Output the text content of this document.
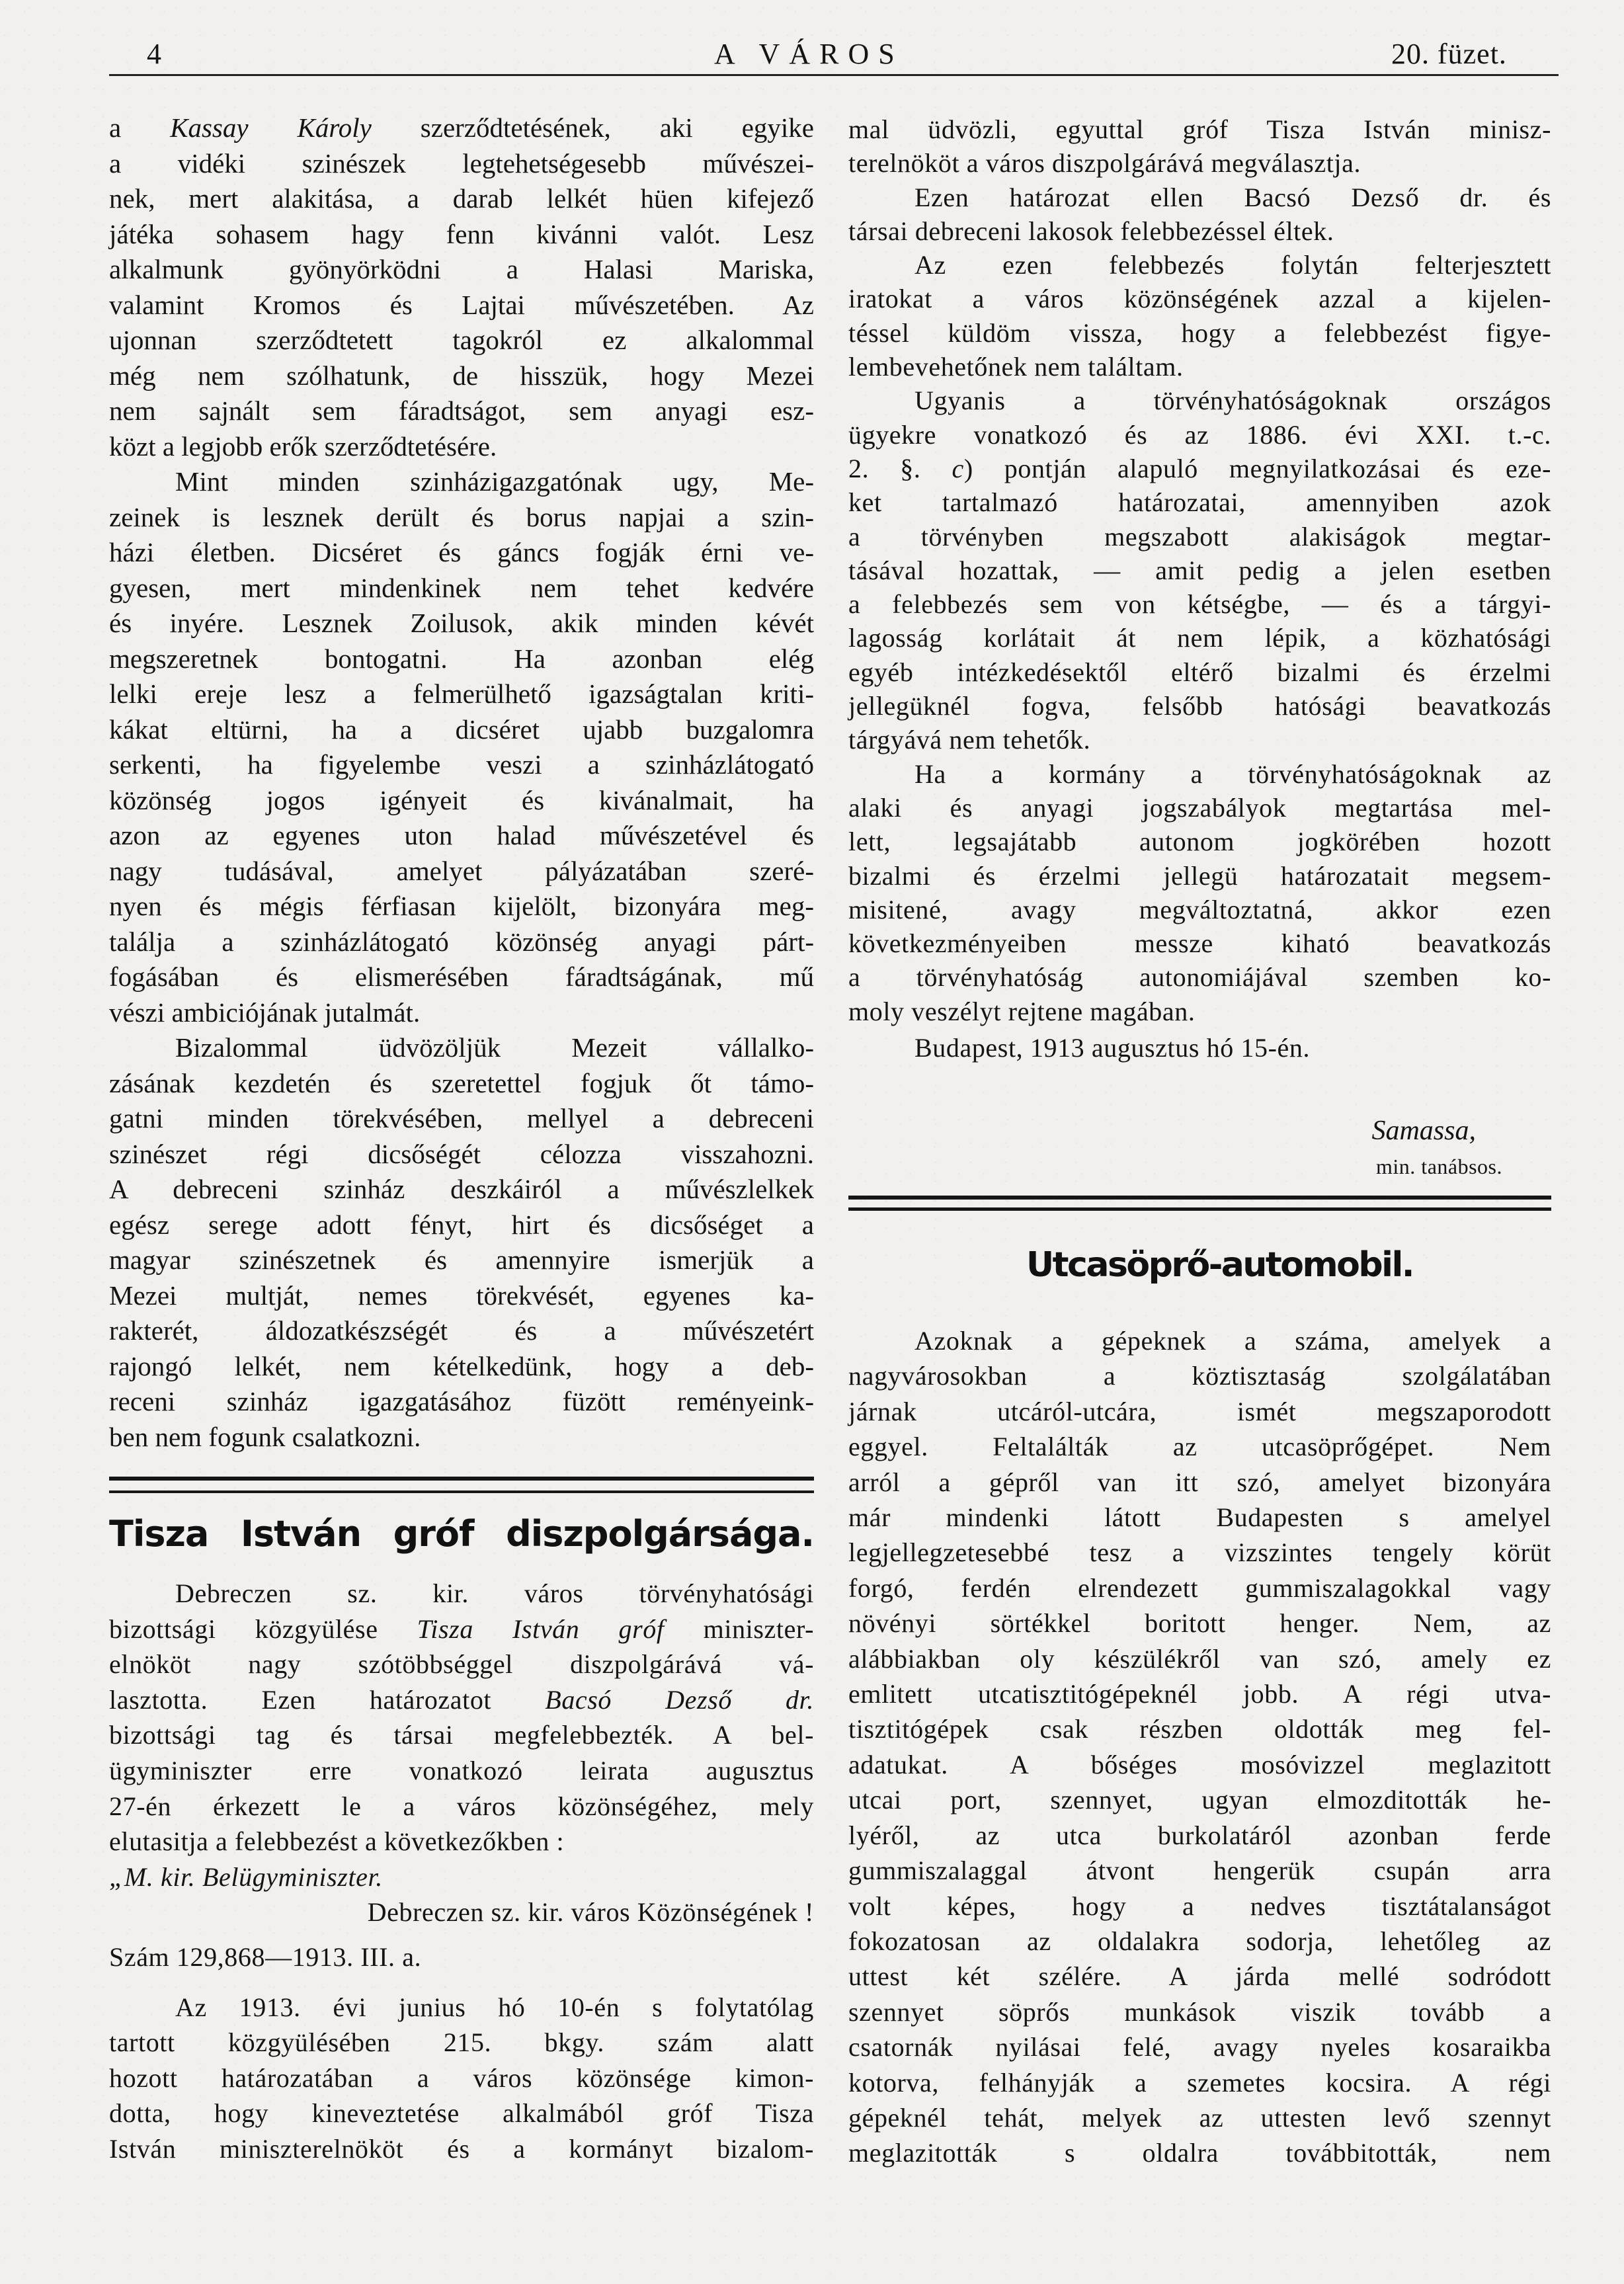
4	A VÁROS	20. füzet.
a Kassay Károly szerződtetésének, aki egyike
a vidéki szinészek legtehetségesebb művészei-
nek, mert alakitása, a darab lelkét hüen kifejező
játéka sohasem hagy fenn kivánni valót. Lesz
alkalmunk gyönyörködni a Halasi Mariska,
valamint Kromos és Lajtai művészetében. Az
ujonnan szerződtetett tagokról ez alkalommal
még nem szólhatunk, de hisszük, hogy Mezei
nem sajnált sem fáradtságot, sem anyagi esz-
közt a legjobb erők szerződtetésére.
Mint minden szinházigazgatónak ugy, Me-
zeinek is lesznek derült és borus napjai a szin-
házi életben. Dicséret és gáncs fogják érni ve-
gyesen, mert mindenkinek nem tehet kedvére
és inyére. Lesznek Zoilusok, akik minden kévét
megszeretnek bontogatni. Ha azonban elég
lelki ereje lesz a felmerülhető igazságtalan kriti-
kákat eltürni, ha a dicséret ujabb buzgalomra
serkenti, ha figyelembe veszi a szinházlátogató
közönség jogos igényeit és kivánalmait, ha
azon az egyenes uton halad művészetével és
nagy tudásával, amelyet pályázatában szeré-
nyen és mégis férfiasan kijelölt, bizonyára meg-
találja a szinházlátogató közönség anyagi párt-
fogásában és elismerésében fáradtságának, mű
vészi ambiciójának jutalmát.
Bizalommal üdvözöljük Mezeit vállalko-
zásának kezdetén és szeretettel fogjuk őt támo-
gatni minden törekvésében, mellyel a debreceni
szinészet régi dicsőségét célozza visszahozni.
A debreceni szinház deszkáiról a művészlelkek
egész serege adott fényt, hirt és dicsőséget a
magyar szinészetnek és amennyire ismerjük a
Mezei multját, nemes törekvését, egyenes ka-
rakterét, áldozatkészségét és a művészetért
rajongó lelkét, nem kételkedünk, hogy a deb-
receni szinház igazgatásához füzött reményeink-
ben nem fogunk csalatkozni.
Tisza István gróf diszpolgársága.
Debreczen sz. kir. város törvényhatósági
bizottsági közgyülése Tisza István gróf miniszter-
elnököt nagy szótöbbséggel diszpolgárává vá-
lasztotta. Ezen határozatot Bacsó Dezső dr.
bizottsági tag és társai megfelebbezték. A bel-
ügyminiszter erre vonatkozó leirata augusztus
27-én érkezett le a város közönségéhez, mely
elutasitja a felebbezést a következőkben :
„M. kir. Belügyminiszter.
Debreczen sz. kir. város Közönségének !
Szám 129,868—1913. III. a.
Az 1913. évi junius hó 10-én s folytatólag
tartott közgyülésében 215. bkgy. szám alatt
hozott határozatában a város közönsége kimon-
dotta, hogy kineveztetése alkalmából gróf Tisza
István miniszterelnököt és a kormányt bizalom-
mal üdvözli, egyuttal gróf Tisza István minisz-
terelnököt a város diszpolgárává megválasztja.
Ezen határozat ellen Bacsó Dezső dr. és
társai debreceni lakosok felebbezéssel éltek.
Az ezen felebbezés folytán felterjesztett
iratokat a város közönségének azzal a kijelen-
téssel küldöm vissza, hogy a felebbezést figye-
lembevehetőnek nem találtam.
Ugyanis a törvényhatóságoknak országos
ügyekre vonatkozó és az 1886. évi XXI. t.-c.
2. §. c) pontján alapuló megnyilatkozásai és eze-
ket tartalmazó határozatai, amennyiben azok
a törvényben megszabott alakiságok megtar-
tásával hozattak, — amit pedig a jelen esetben
a felebbezés sem von kétségbe, — és a tárgyi-
lagosság korlátait át nem lépik, a közhatósági
egyéb intézkedésektől eltérő bizalmi és érzelmi
jellegüknél fogva, felsőbb hatósági beavatkozás
tárgyává nem tehetők.
Ha a kormány a törvényhatóságoknak az
alaki és anyagi jogszabályok megtartása mel-
lett, legsajátabb autonom jogkörében hozott
bizalmi és érzelmi jellegü határozatait megsem-
misitené, avagy megváltoztatná, akkor ezen
következményeiben messze kiható beavatkozás
a törvényhatóság autonomiájával szemben ko-
moly veszélyt rejtene magában.
Budapest, 1913 augusztus hó 15-én.
Samassa,
min. tanábsos.
Utcasöprő-automobil.
Azoknak a gépeknek a száma, amelyek a
nagyvárosokban a köztisztaság szolgálatában
járnak utcáról-utcára, ismét megszaporodott
eggyel. Feltalálták az utcasöprőgépet. Nem
arról a gépről van itt szó, amelyet bizonyára
már mindenki látott Budapesten s amelyel
legjellegzetesebbé tesz a vizszintes tengely körüt
forgó, ferdén elrendezett gummiszalagokkal vagy
növényi sörtékkel boritott henger. Nem, az
alábbiakban oly készülékről van szó, amely ez
emlitett utcatisztitógépeknél jobb. A régi utva-
tisztitógépek csak részben oldották meg fel-
adatukat. A bőséges mosóvizzel meglazitott
utcai port, szennyet, ugyan elmozditották he-
lyéről, az utca burkolatáról azonban ferde
gummiszalaggal átvont hengerük csupán arra
volt képes, hogy a nedves tisztátalanságot
fokozatosan az oldalakra sodorja, lehetőleg az
uttest két szélére. A járda mellé sodródott
szennyet söprős munkások viszik tovább a
csatornák nyilásai felé, avagy nyeles kosaraikba
kotorva, felhányják a szemetes kocsira. A régi
gépeknél tehát, melyek az uttesten levő szennyt
meglazitották s oldalra továbbitották, nem
